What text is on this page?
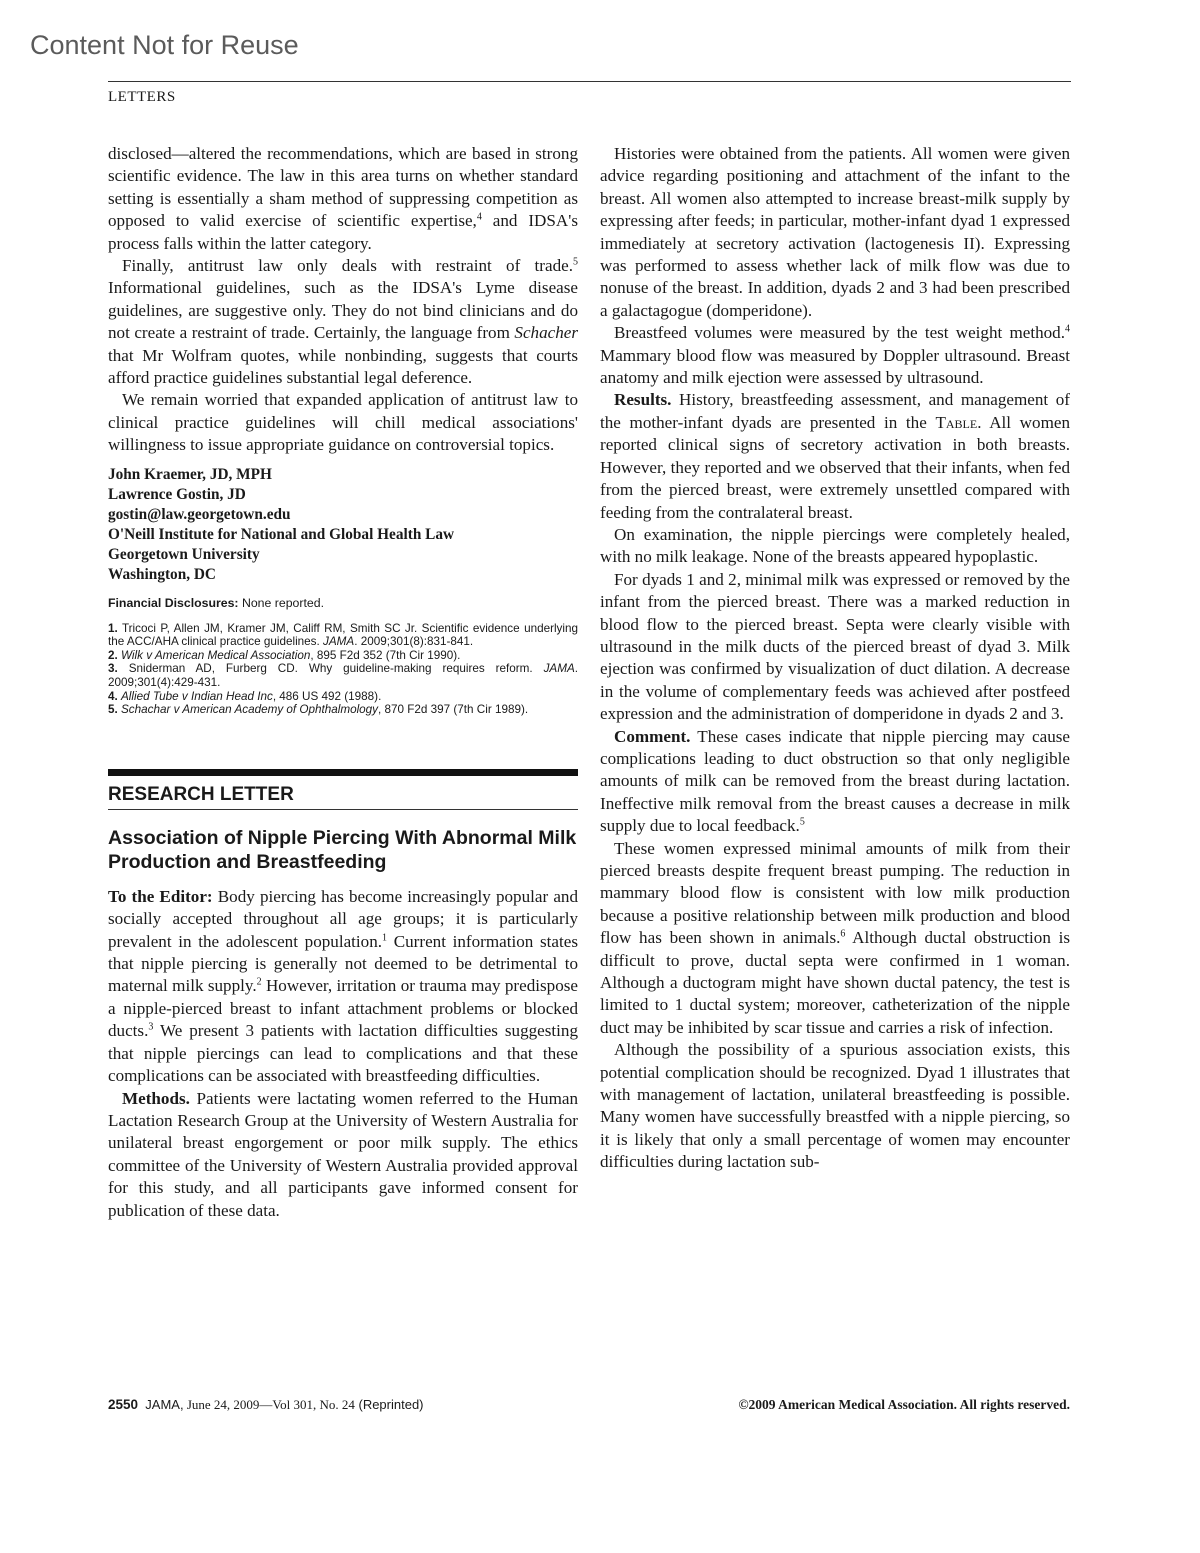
Content Not for Reuse
LETTERS

disclosed—altered the recommendations, which are based in strong scientific evidence. The law in this area turns on whether standard setting is essentially a sham method of suppressing competition as opposed to valid exercise of scientific expertise,$^4$ and IDSA's process falls within the latter category.

Finally, antitrust law only deals with restraint of trade.$^5$ Informational guidelines, such as the IDSA's Lyme disease guidelines, are suggestive only. They do not bind clinicians and do not create a restraint of trade. Certainly, the language from Schacher that Mr Wolfram quotes, while nonbinding, suggests that courts afford practice guidelines substantial legal deference.

We remain worried that expanded application of antitrust law to clinical practice guidelines will chill medical associations' willingness to issue appropriate guidance on controversial topics.

John Kraemer, JD, MPH
Lawrence Gostin, JD
gostin@law.georgetown.edu
O'Neill Institute for National and Global Health Law
Georgetown University
Washington, DC
Financial Disclosures: None reported.
1. Tricoci P, Allen JM, Kramer JM, Califf RM, Smith SC Jr. Scientific evidence underlying the ACC/AHA clinical practice guidelines. JAMA. 2009;301(8):831-841.
2. Wilk v American Medical Association, 895 F2d 352 (7th Cir 1990).
3. Sniderman AD, Furberg CD. Why guideline-making requires reform. JAMA. 2009;301(4):429-431.
4. Allied Tube v Indian Head Inc, 486 US 492 (1988).
5. Schachar v American Academy of Ophthalmology, 870 F2d 397 (7th Cir 1989).
RESEARCH LETTER
Association of Nipple Piercing With Abnormal Milk Production and Breastfeeding

To the Editor: Body piercing has become increasingly popular and socially accepted throughout all age groups; it is particularly prevalent in the adolescent population.$^1$ Current information states that nipple piercing is generally not deemed to be detrimental to maternal milk supply.$^2$ However, irritation or trauma may predispose a nipple-pierced breast to infant attachment problems or blocked ducts.$^3$ We present 3 patients with lactation difficulties suggesting that nipple piercings can lead to complications and that these complications can be associated with breastfeeding difficulties.

Methods. Patients were lactating women referred to the Human Lactation Research Group at the University of Western Australia for unilateral breast engorgement or poor milk supply. The ethics committee of the University of Western Australia provided approval for this study, and all participants gave informed consent for publication of these data.

Histories were obtained from the patients. All women were given advice regarding positioning and attachment of the infant to the breast. All women also attempted to increase breast-milk supply by expressing after feeds; in particular, mother-infant dyad 1 expressed immediately at secretory activation (lactogenesis II). Expressing was performed to assess whether lack of milk flow was due to nonuse of the breast. In addition, dyads 2 and 3 had been prescribed a galactagogue (domperidone).

Breastfeed volumes were measured by the test weight method.$^4$ Mammary blood flow was measured by Doppler ultrasound. Breast anatomy and milk ejection were assessed by ultrasound.

Results. History, breastfeeding assessment, and management of the mother-infant dyads are presented in the Table. All women reported clinical signs of secretory activation in both breasts. However, they reported and we observed that their infants, when fed from the pierced breast, were extremely unsettled compared with feeding from the contralateral breast.

On examination, the nipple piercings were completely healed, with no milk leakage. None of the breasts appeared hypoplastic.

For dyads 1 and 2, minimal milk was expressed or removed by the infant from the pierced breast. There was a marked reduction in blood flow to the pierced breast. Septa were clearly visible with ultrasound in the milk ducts of the pierced breast of dyad 3. Milk ejection was confirmed by visualization of duct dilation. A decrease in the volume of complementary feeds was achieved after postfeed expression and the administration of domperidone in dyads 2 and 3.

Comment. These cases indicate that nipple piercing may cause complications leading to duct obstruction so that only negligible amounts of milk can be removed from the breast during lactation. Ineffective milk removal from the breast causes a decrease in milk supply due to local feedback.$^5$

These women expressed minimal amounts of milk from their pierced breasts despite frequent breast pumping. The reduction in mammary blood flow is consistent with low milk production because a positive relationship between milk production and blood flow has been shown in animals.$^6$ Although ductal obstruction is difficult to prove, ductal septa were confirmed in 1 woman. Although a ductogram might have shown ductal patency, the test is limited to 1 ductal system; moreover, catheterization of the nipple duct may be inhibited by scar tissue and carries a risk of infection.

Although the possibility of a spurious association exists, this potential complication should be recognized. Dyad 1 illustrates that with management of lactation, unilateral breastfeeding is possible. Many women have successfully breastfed with a nipple piercing, so it is likely that only a small percentage of women may encounter difficulties during lactation sub-

2550 JAMA, June 24, 2009—Vol 301, No. 24 (Reprinted)	©2009 American Medical Association. All rights reserved.
